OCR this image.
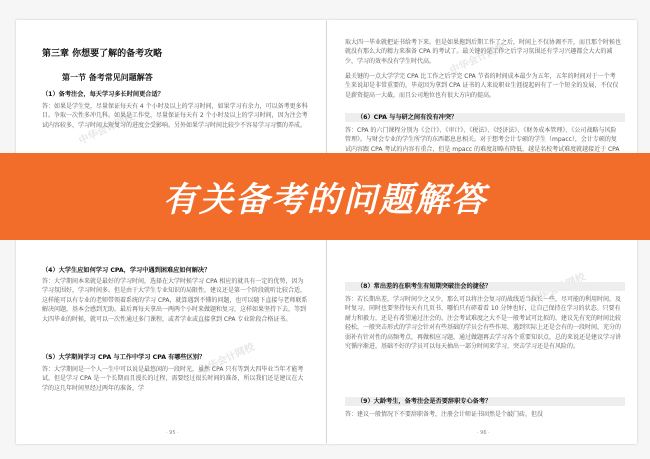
中华会计网校
中华会计网校
第三章 你想要了解的备考攻略
第一节 备考常见问题解答
（1）备考注会，每天学习多长时间更合适？
答：如果是学生党，尽量保证每天有 4 个小时及以上的学习时间，如果学习有余力，可以备考更多科目。争取一次性多冲几科。如果是工作党，尽量保证每天有 2 个小时及以上的学习时间，因为注会考试内容较多，学习时间太短复习的进度会受影响。另外如果学习时间比较少不容易学习习惯的养成。
（4）大学生应如何学习 CPA，学习中遇到困难应如何解决？
答：大学期间本来就是最好的学习时间，选择在大学时候学习 CPA 相应的就具有一定的优势，因为学习氛围好，学习时间多。但是由于大学生专业知识的局限性，建议还是第一个阶段就听比较合适，这样能可以有专业的老师带领着系统的学习 CPA，就算遇到不懂的问题，也可以随下直接与老师联系解决问题，基本会感到无助。最后再每天拿出一两两个小时来做题和复习，这样如果坚持下去，等到大四毕业的时候，就可以一次性通过多门课程，或者学业或直接拿到 CPA 专业阶段合格证书。
（5）大学期间学习 CPA 与工作中学习 CPA 有哪些区别？
答：大学期间是一个人一生中可以说是最悠闲的一段时光，虽然 CPA 只有等到大四毕业当年才能考试，但是学习 CPA 是一个长期而且漫长的过程，需要经过很长时间的准备，所以我们还是建议在大学的这几年时间里经过两年的准备，学
· 95 ·
中华会计网校
取大四一毕业就把证书给考下来。但是如果拖到后期工作了之后，时间上不仅协调不开，而且那个时候也就没有那么大的精力来准备 CPA 的考试了。最关键的是工作之后学习氛围还有学习兴趣都会大大的减少，学习的效率没有学生时代高。
最关键的一点大学学完 CPA 比工作之后学完 CPA 节省的时间成本最少为五年，五年的时间对于一个考生来说却是非常重要的，毕竟因为拿到 CPA 证书的人来说职业生涯提起码有了一个短全的发展，不仅仅是薪资提高一大截，而且公司地位也有很大方向的提高。
（6）CPA 与与研之间有没有冲突？
答：CPA 的六门课程分别为《会计》、《审计》、《税法》、《经济法》、《财务成本管理》、《公司战略与风险管理》。与财会专业的学生所学的东西都息息相关。对于想考会计专硕的学生（mpacc），会计专硕的复试内容跟 CPA 考试的内容有重合，但是 mpacc 的难度却略有降低。越是名校考试难度就越接近于 CPA
（8）常出差的在职考生有短期突破注会的捷径？
答：若长期出差，学习时间少之又少，那么可以将注会复习的战线适当拉长一些，尽可能的利用时间，及时复习，同时也要坚持每天有几页书、哪怕只有碎着看 10 分钟也好，让自己保持在学习的状态。只要有耐力和毅力，还是有希望通过注会的。注会考试难度之大不是一般考试可比拟的，建议先有充的时间比较轻松，一般突击形式的学习会针对有些基础的学员会有些作用，遇到实际上还是会有的一段时间，充分的弱补有针对性的高频考点，再做相应习题，通过做题再去学习各个重要知识点，总的来说还是建议学习讲究循序渐进，基础不好的学员可以每天抽出一部分时间来学习，突击学习还是有风险的。
（9）大龄考生，备考注会是否要辞职专心备考？
答：建议一般情况下不要辞职备考，注册会计师证书固然是个敲门砖，但没
· 96 ·
有关备考的问题解答
